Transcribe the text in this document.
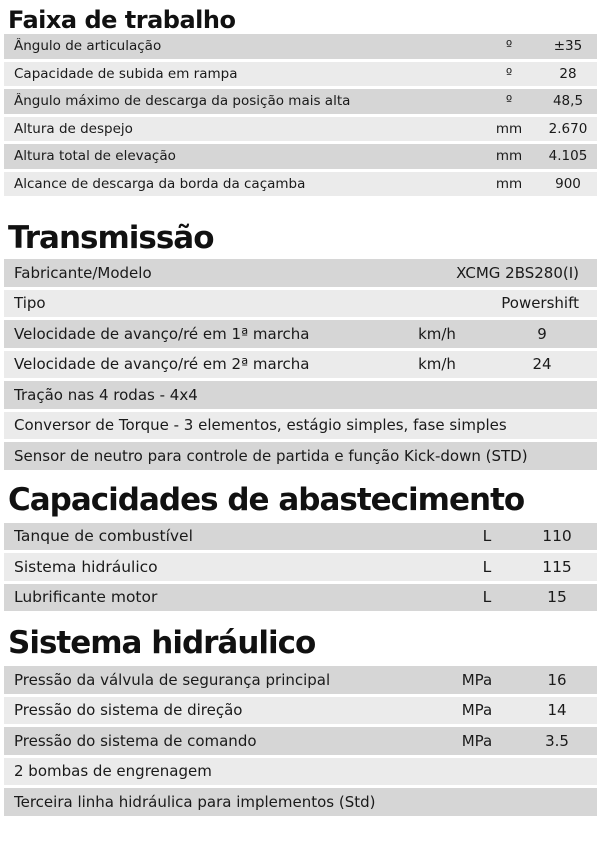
Faixa de trabalho
Ângulo de articulação	º	±35
Capacidade de subida em rampa	º	28
Ângulo máximo de descarga da posição mais alta	º	48,5
Altura de despejo	mm	2.670
Altura total de elevação	mm	4.105
Alcance de descarga da borda da caçamba	mm	900
Transmissão
Fabricante/Modelo	XCMG 2BS280(I)
Tipo	Powershift
Velocidade de avanço/ré em 1ª marcha	km/h	9
Velocidade de avanço/ré em 2ª marcha	km/h	24
Tração nas 4 rodas - 4x4
Conversor de Torque - 3 elementos, estágio simples, fase simples
Sensor de neutro para controle de partida e função Kick-down (STD)
Capacidades de abastecimento
Tanque de combustível	L	110
Sistema hidráulico	L	115
Lubrificante motor	L	15
Sistema hidráulico
Pressão da válvula de segurança principal	MPa	16
Pressão do sistema de direção	MPa	14
Pressão do sistema de comando	MPa	3.5
2 bombas de engrenagem
Terceira linha hidráulica para implementos (Std)
